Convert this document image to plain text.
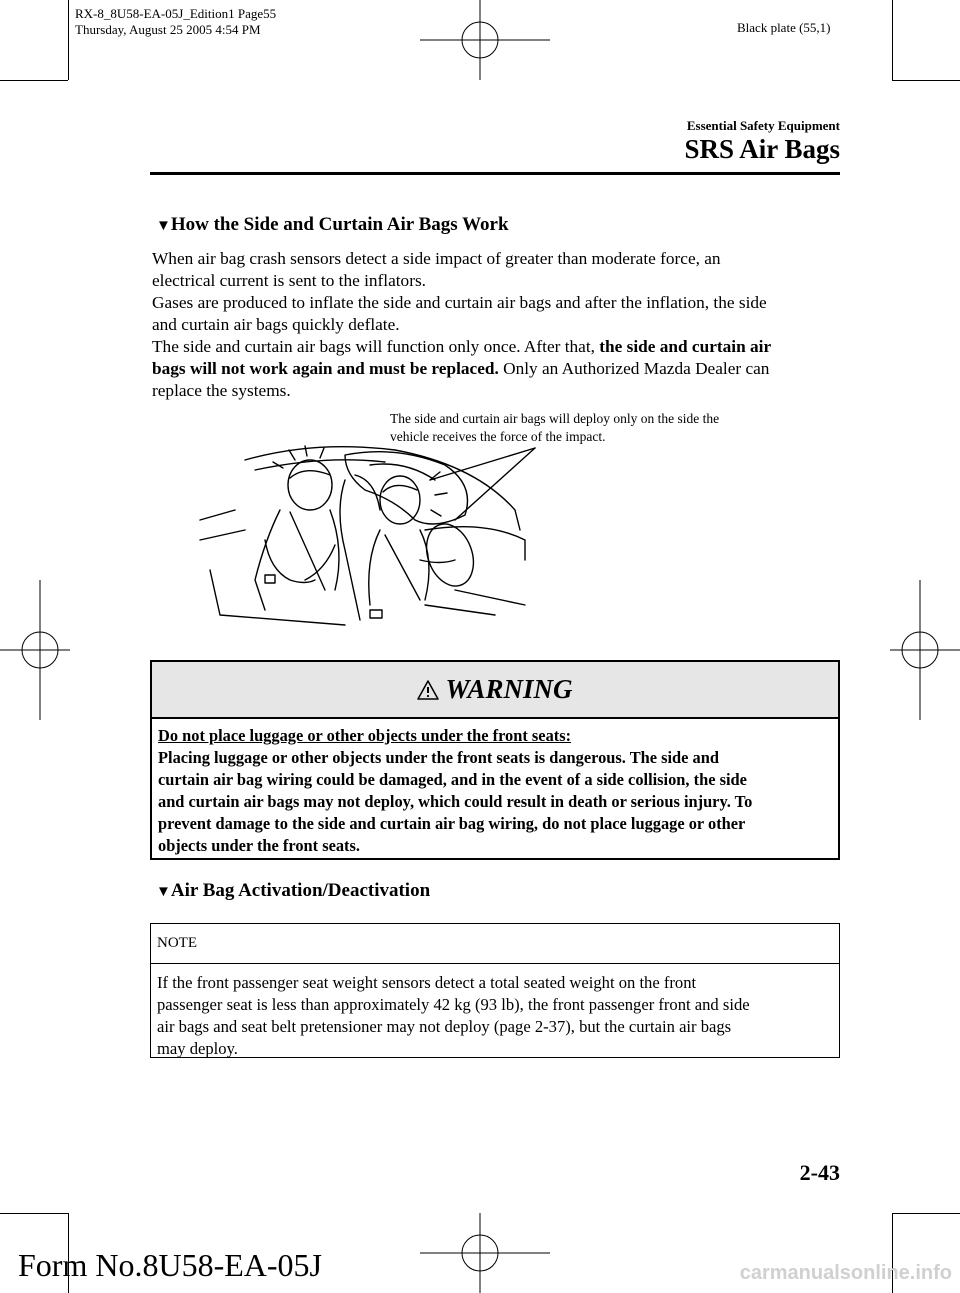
RX-8_8U58-EA-05J_Edition1 Page55
Thursday, August 25 2005 4:54 PM	Black plate (55,1)
Essential Safety Equipment
SRS Air Bags
▼How the Side and Curtain Air Bags Work
When air bag crash sensors detect a side impact of greater than moderate force, an
electrical current is sent to the inflators.
Gases are produced to inflate the side and curtain air bags and after the inflation, the side
and curtain air bags quickly deflate.
The side and curtain air bags will function only once. After that, the side and curtain air
bags will not work again and must be replaced. Only an Authorized Mazda Dealer can
replace the systems.
The side and curtain air bags will deploy only on the side the
vehicle receives the force of the impact.
WARNING
Do not place luggage or other objects under the front seats:
Placing luggage or other objects under the front seats is dangerous. The side and
curtain air bag wiring could be damaged, and in the event of a side collision, the side
and curtain air bags may not deploy, which could result in death or serious injury. To
prevent damage to the side and curtain air bag wiring, do not place luggage or other
objects under the front seats.
▼Air Bag Activation/Deactivation
NOTE
If the front passenger seat weight sensors detect a total seated weight on the front
passenger seat is less than approximately 42 kg (93 lb), the front passenger front and side
air bags and seat belt pretensioner may not deploy (page 2-37), but the curtain air bags
may deploy.
2-43
Form No.8U58-EA-05J	carmanualsonline.info
